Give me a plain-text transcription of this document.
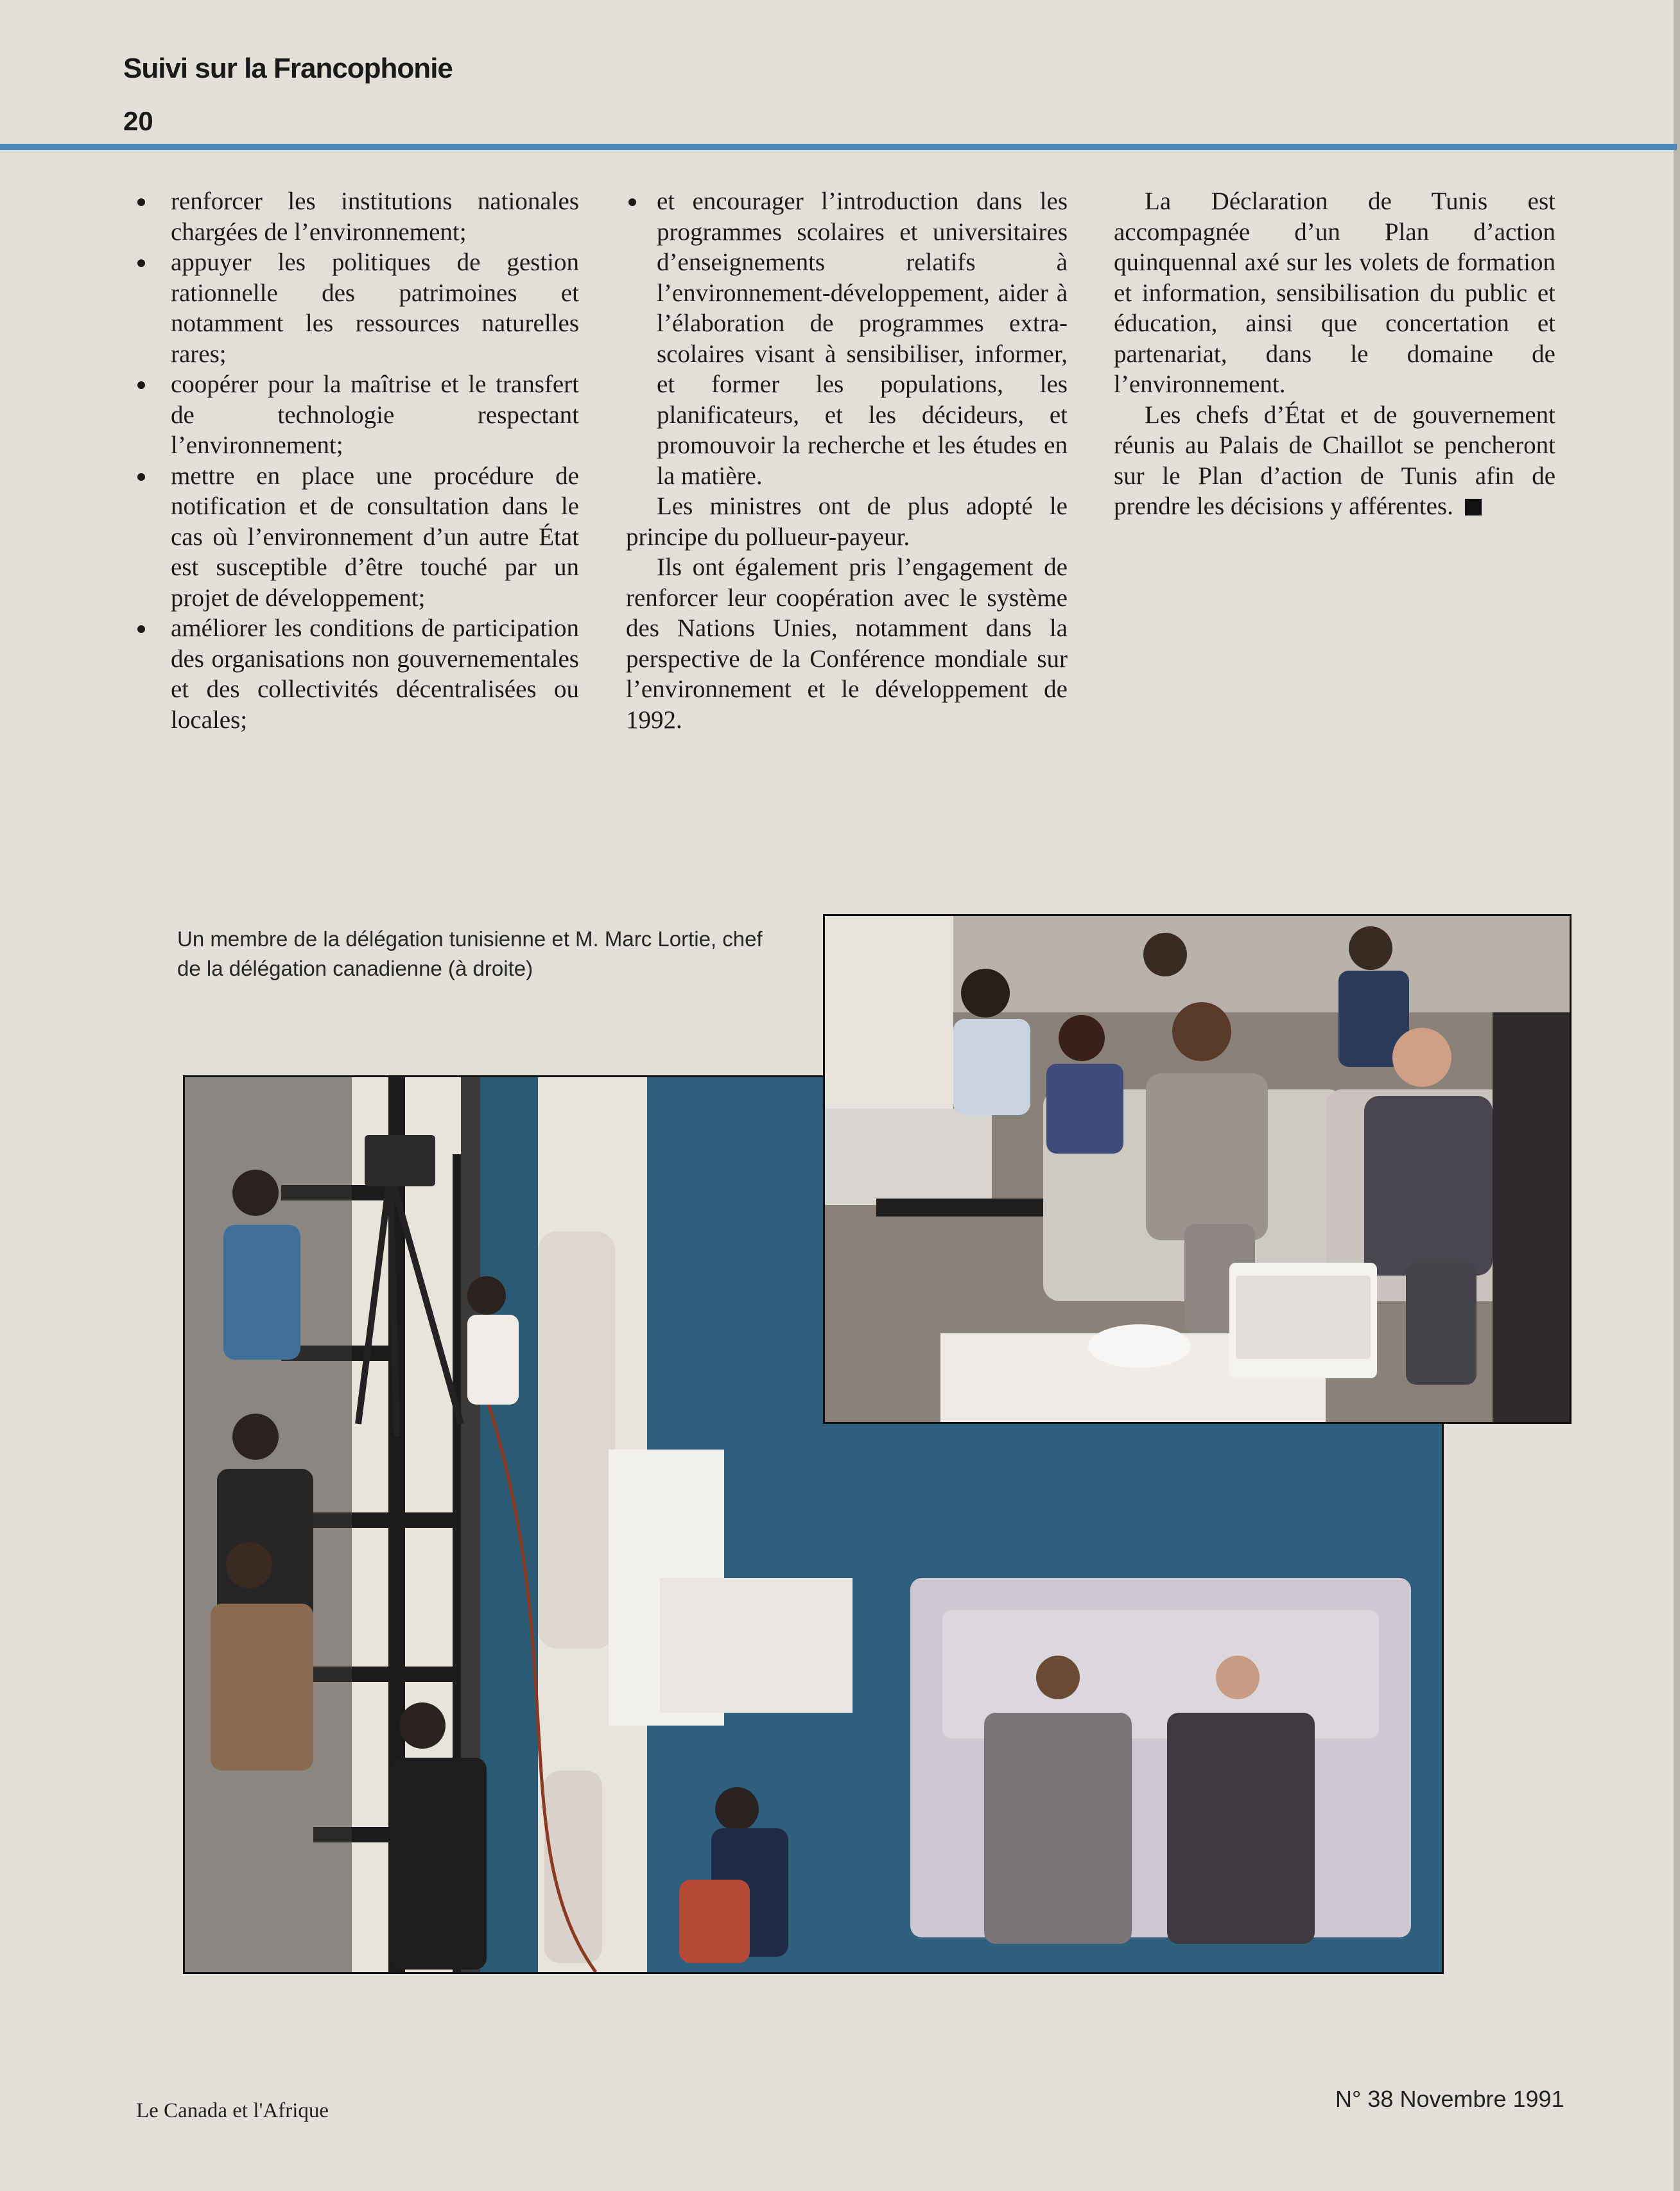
Suivi sur la Francophonie
20
renforcer les institutions nationales chargées de l’environnement;
appuyer les politiques de gestion rationnelle des patrimoines et notamment les ressources naturelles rares;
coopérer pour la maîtrise et le transfert de technologie respectant l’environnement;
mettre en place une procédure de notification et de consultation dans le cas où l’environnement d’un autre État est susceptible d’être touché par un projet de développement;
améliorer les conditions de participation des organisations non gouvernementales et des collectivités décentralisées ou locales;
et encourager l’introduction dans les programmes scolaires et universitaires d’enseignements relatifs à l’environnement-développement, aider à l’élaboration de programmes extra-scolaires visant à sensibiliser, informer, et former les populations, les planificateurs, et les décideurs, et promouvoir la recherche et les études en la matière.

Les ministres ont de plus adopté le principe du pollueur-payeur.

Ils ont également pris l’engagement de renforcer leur coopération avec le système des Nations Unies, notamment dans la perspective de la Conférence mondiale sur l’environnement et le développement de 1992.

La Déclaration de Tunis est accompagnée d’un Plan d’action quinquennal axé sur les volets de formation et information, sensibilisation du public et éducation, ainsi que concertation et partenariat, dans le domaine de l’environnement.

Les chefs d’État et de gouvernement réunis au Palais de Chaillot se pencheront sur le Plan d’action de Tunis afin de prendre les décisions y afférentes.

Un membre de la délégation tunisienne et M. Marc Lortie, chef de la délégation canadienne (à droite)
Le Canada et l'Afrique	N° 38 Novembre 1991
